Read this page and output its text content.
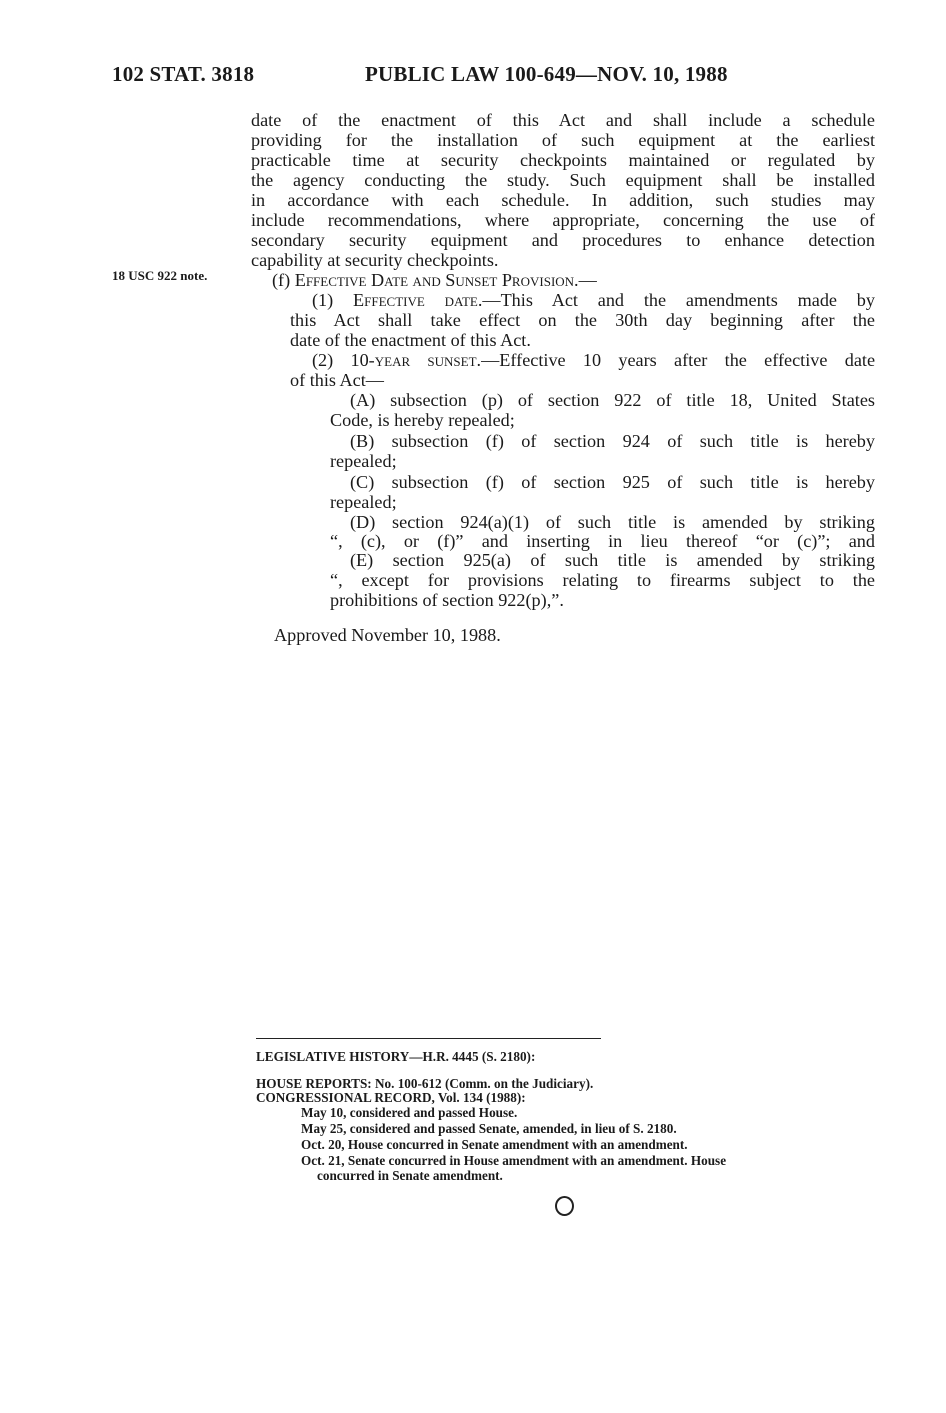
102 STAT. 3818	PUBLIC LAW 100-649—NOV. 10, 1988
date of the enactment of this Act and shall include a schedule
providing for the installation of such equipment at the earliest
practicable time at security checkpoints maintained or regulated by
the agency conducting the study. Such equipment shall be installed
in accordance with each schedule. In addition, such studies may
include recommendations, where appropriate, concerning the use of
secondary security equipment and procedures to enhance detection
capability at security checkpoints.
18 USC 922 note.	(f) Effective Date and Sunset Provision.—
(1) Effective date.—This Act and the amendments made by
this Act shall take effect on the 30th day beginning after the
date of the enactment of this Act.
(2) 10-year sunset.—Effective 10 years after the effective date
of this Act—
(A) subsection (p) of section 922 of title 18, United States
Code, is hereby repealed;
(B) subsection (f) of section 924 of such title is hereby
repealed;
(C) subsection (f) of section 925 of such title is hereby
repealed;
(D) section 924(a)(1) of such title is amended by striking
“, (c), or (f)” and inserting in lieu thereof “or (c)”; and
(E) section 925(a) of such title is amended by striking
“, except for provisions relating to firearms subject to the
prohibitions of section 922(p),”.
Approved November 10, 1988.
LEGISLATIVE HISTORY—H.R. 4445 (S. 2180):
HOUSE REPORTS: No. 100-612 (Comm. on the Judiciary).
CONGRESSIONAL RECORD, Vol. 134 (1988):
May 10, considered and passed House.
May 25, considered and passed Senate, amended, in lieu of S. 2180.
Oct. 20, House concurred in Senate amendment with an amendment.
Oct. 21, Senate concurred in House amendment with an amendment. House
concurred in Senate amendment.
